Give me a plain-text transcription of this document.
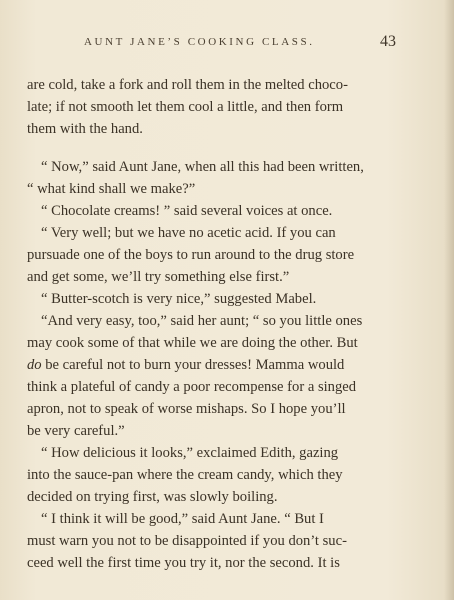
AUNT JANE’S COOKING CLASS.	43
are cold, take a fork and roll them in the melted choco-
late; if not smooth let them cool a little, and then form
them with the hand.
“ Now,” said Aunt Jane, when all this had been written,
“ what kind shall we make?”
“ Chocolate creams! ” said several voices at once.
“ Very well; but we have no acetic acid. If you can
pursuade one of the boys to run around to the drug store
and get some, we’ll try something else first.”
“ Butter-scotch is very nice,” suggested Mabel.
“And very easy, too,” said her aunt; “ so you little ones
may cook some of that while we are doing the other. But
do be careful not to burn your dresses! Mamma would
think a plateful of candy a poor recompense for a singed
apron, not to speak of worse mishaps. So I hope you’ll
be very careful.”
“ How delicious it looks,” exclaimed Edith, gazing
into the sauce-pan where the cream candy, which they
decided on trying first, was slowly boiling.
“ I think it will be good,” said Aunt Jane. “ But I
must warn you not to be disappointed if you don’t suc-
ceed well the first time you try it, nor the second. It is
